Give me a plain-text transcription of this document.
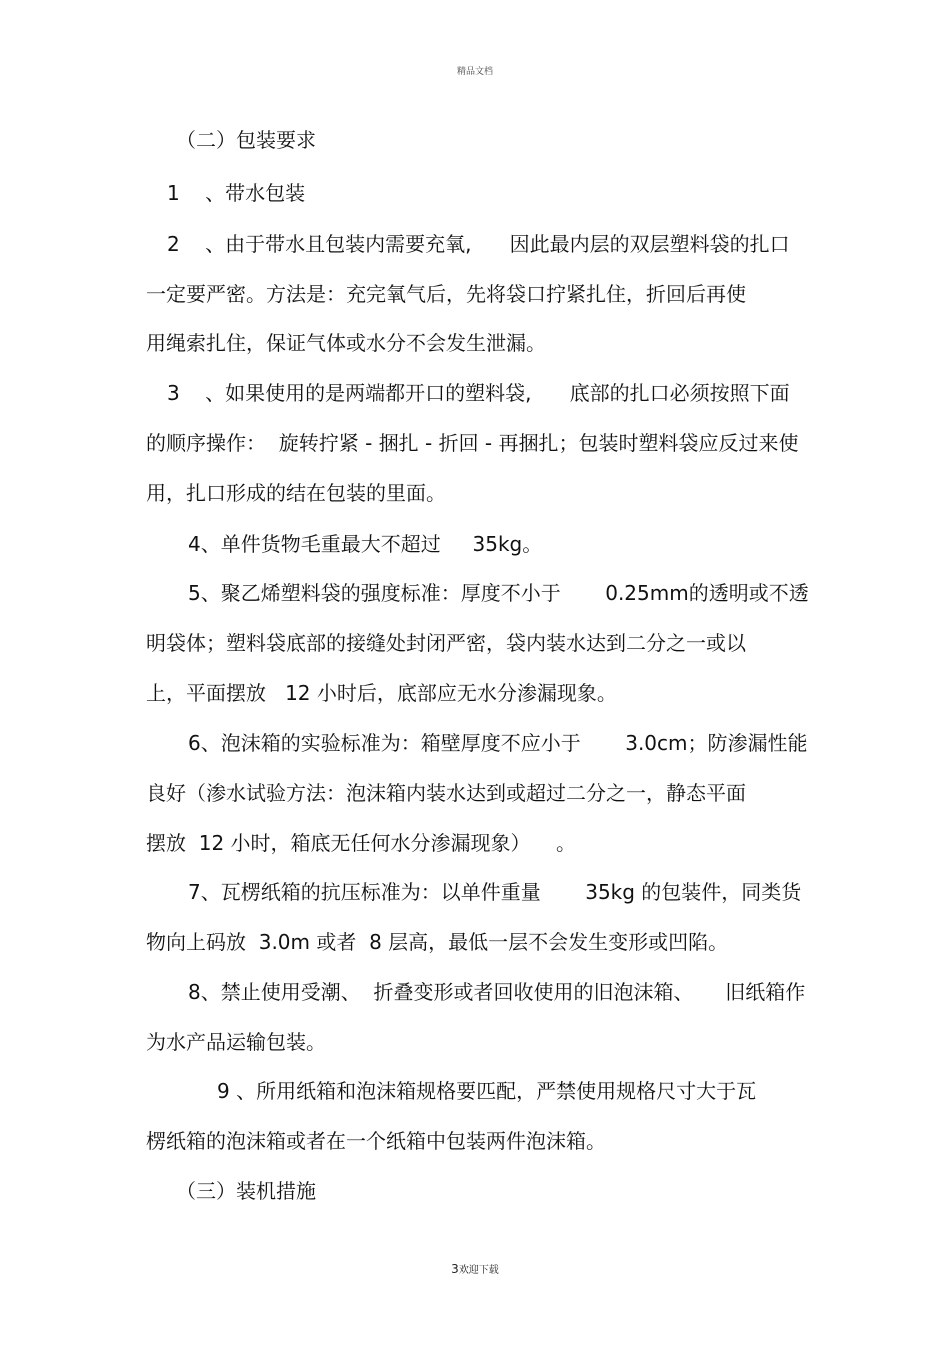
精品文档

（二）包装要求

1    、带水包装

2    、由于带水且包装内需要充氧,      因此最内层的双层塑料袋的扎口

一定要严密。方法是：充完氧气后，先将袋口拧紧扎住，折回后再使

用绳索扎住，保证气体或水分不会发生泄漏。

3    、如果使用的是两端都开口的塑料袋,      底部的扎口必须按照下面

的顺序操作：  旋转拧紧 - 捆扎 - 折回 - 再捆扎；包装时塑料袋应反过来使

用，扎口形成的结在包装的里面。

4、单件货物毛重最大不超过     35kg。

5、聚乙烯塑料袋的强度标准：厚度不小于       0.25mm的透明或不透

明袋体；塑料袋底部的接缝处封闭严密，袋内装水达到二分之一或以

上，平面摆放   12 小时后，底部应无水分渗漏现象。

6、泡沫箱的实验标准为：箱壁厚度不应小于       3.0cm；防渗漏性能

良好（渗水试验方法：泡沫箱内装水达到或超过二分之一，静态平面

摆放  12 小时，箱底无任何水分渗漏现象）    。

7、瓦楞纸箱的抗压标准为：以单件重量       35kg 的包装件，同类货

物向上码放  3.0m 或者  8 层高，最低一层不会发生变形或凹陷。

8、禁止使用受潮、  折叠变形或者回收使用的旧泡沫箱、     旧纸箱作

为水产品运输包装。

9 、所用纸箱和泡沫箱规格要匹配，严禁使用规格尺寸大于瓦

楞纸箱的泡沫箱或者在一个纸箱中包装两件泡沫箱。

（三）装机措施

3欢迎下载
